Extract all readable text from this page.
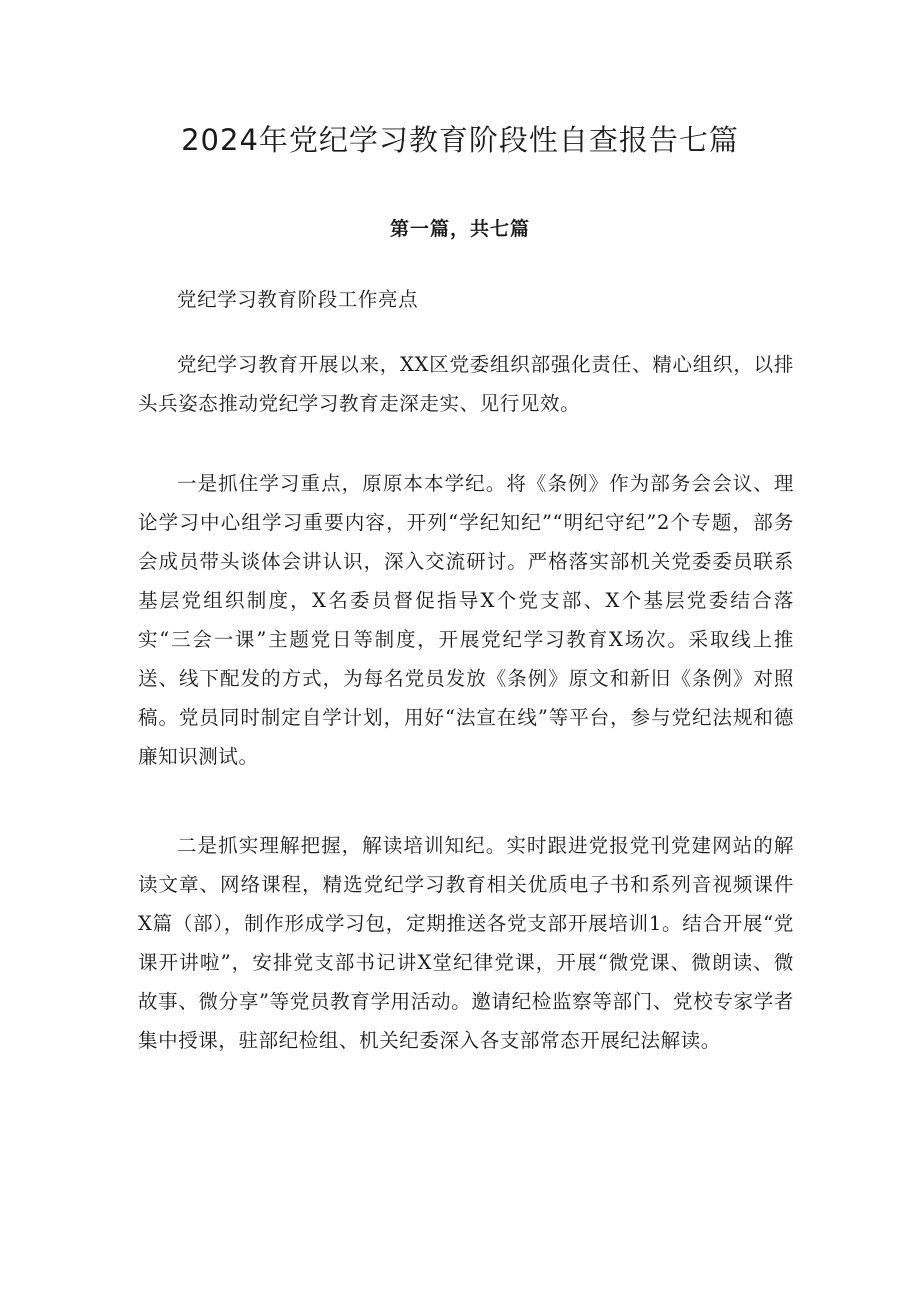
2024年党纪学习教育阶段性自查报告七篇
第一篇，共七篇

党纪学习教育阶段工作亮点

党纪学习教育开展以来，XX区党委组织部强化责任、精心组织，以排头兵姿态推动党纪学习教育走深走实、见行见效。

一是抓住学习重点，原原本本学纪。将《条例》作为部务会会议、理论学习中心组学习重要内容，开列“学纪知纪”“明纪守纪”2个专题，部务会成员带头谈体会讲认识，深入交流研讨。严格落实部机关党委委员联系基层党组织制度，X名委员督促指导X个党支部、X个基层党委结合落实“三会一课”主题党日等制度，开展党纪学习教育X场次。采取线上推送、线下配发的方式，为每名党员发放《条例》原文和新旧《条例》对照稿。党员同时制定自学计划，用好“法宣在线”等平台，参与党纪法规和德廉知识测试。

二是抓实理解把握，解读培训知纪。实时跟进党报党刊党建网站的解读文章、网络课程，精选党纪学习教育相关优质电子书和系列音视频课件X篇（部），制作形成学习包，定期推送各党支部开展培训1。结合开展“党课开讲啦”，安排党支部书记讲X堂纪律党课，开展“微党课、微朗读、微故事、微分享”等党员教育学用活动。邀请纪检监察等部门、党校专家学者集中授课，驻部纪检组、机关纪委深入各支部常态开展纪法解读。
